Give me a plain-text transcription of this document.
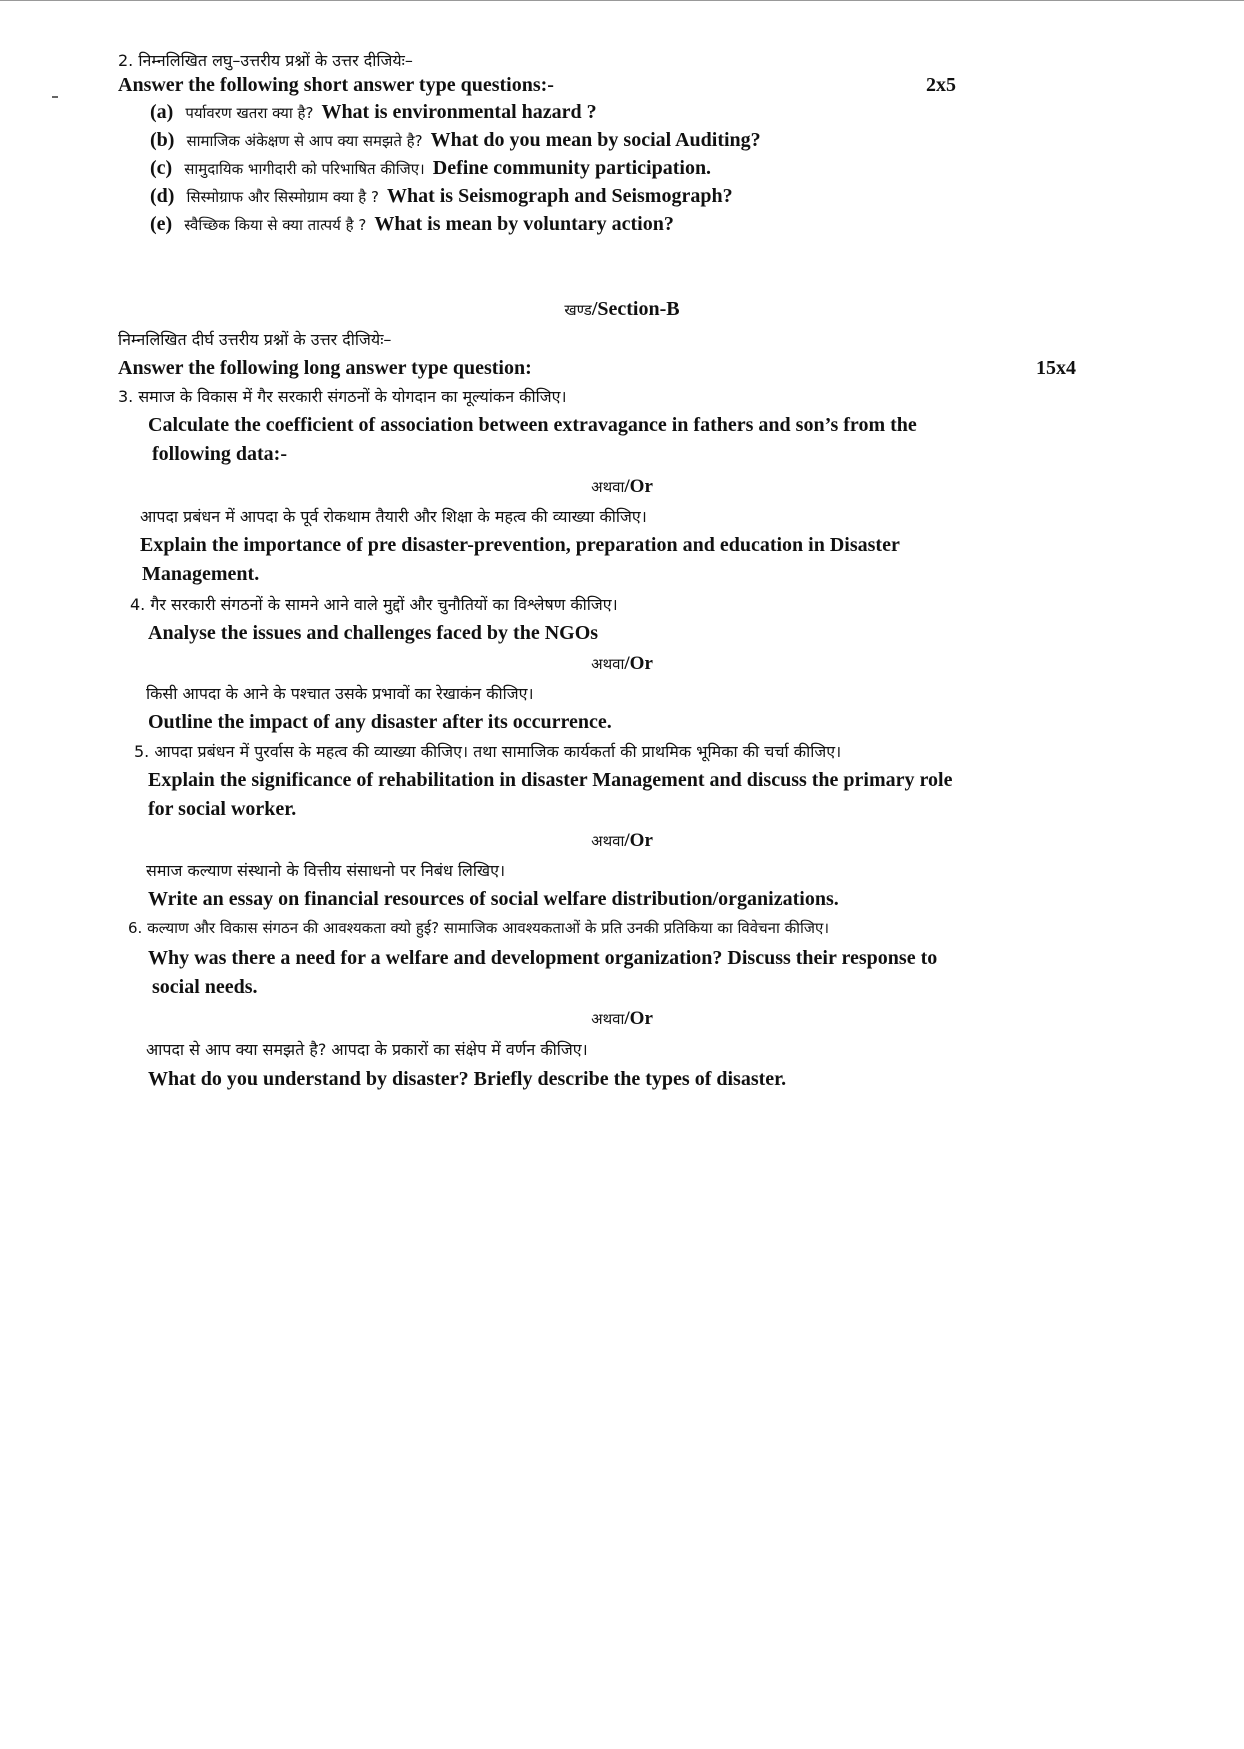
2. निम्नलिखित लघु–उत्तरीय प्रश्नों के उत्तर दीजियेः–
Answer the following short answer type questions:-	2x5
(a) पर्यावरण खतरा क्या है? What is environmental hazard ?
(b) सामाजिक अंकेक्षण से आप क्या समझते है? What do you mean by social Auditing?
(c) सामुदायिक भागीदारी को परिभाषित कीजिए। Define community participation.
(d) सिस्मोग्राफ और सिस्मोग्राम क्या है ? What is Seismograph and Seismograph?
(e) स्वैच्छिक किया से क्या तात्पर्य है ? What is mean by voluntary action?
खण्ड/Section-B
निम्नलिखित दीर्घ उत्तरीय प्रश्नों के उत्तर दीजियेः–
Answer the following long answer type question:	15x4
3. समाज के विकास में गैर सरकारी संगठनों के योगदान का मूल्यांकन कीजिए।
Calculate the coefficient of association between extravagance in fathers and son’s from the
following data:-
अथवा/Or
आपदा प्रबंधन में आपदा के पूर्व रोकथाम तैयारी और शिक्षा के महत्व की व्याख्या कीजिए।
Explain the importance of pre disaster-prevention, preparation and education in Disaster
Management.
4. गैर सरकारी संगठनों के सामने आने वाले मुद्दों और चुनौतियों का विश्लेषण कीजिए।
Analyse the issues and challenges faced by the NGOs
अथवा/Or
किसी आपदा के आने के पश्चात उसके प्रभावों का रेखाकंन कीजिए।
Outline the impact of any disaster after its occurrence.
5. आपदा प्रबंधन में पुरर्वास के महत्व की व्याख्या कीजिए। तथा सामाजिक कार्यकर्ता की प्राथमिक भूमिका की चर्चा कीजिए।
Explain the significance of rehabilitation in disaster Management and discuss the primary role
for social worker.
अथवा/Or
समाज कल्याण संस्थानो के वित्तीय संसाधनो पर निबंध लिखिए।
Write an essay on financial resources of social welfare distribution/organizations.
6. कल्याण और विकास संगठन की आवश्यकता क्यो हुई? सामाजिक आवश्यकताओं के प्रति उनकी प्रतिकिया का विवेचना कीजिए।
Why was there a need for a welfare and development organization? Discuss their response to
social needs.
अथवा/Or
आपदा से आप क्या समझते है? आपदा के प्रकारों का संक्षेप में वर्णन कीजिए।
What do you understand by disaster? Briefly describe the types of disaster.
